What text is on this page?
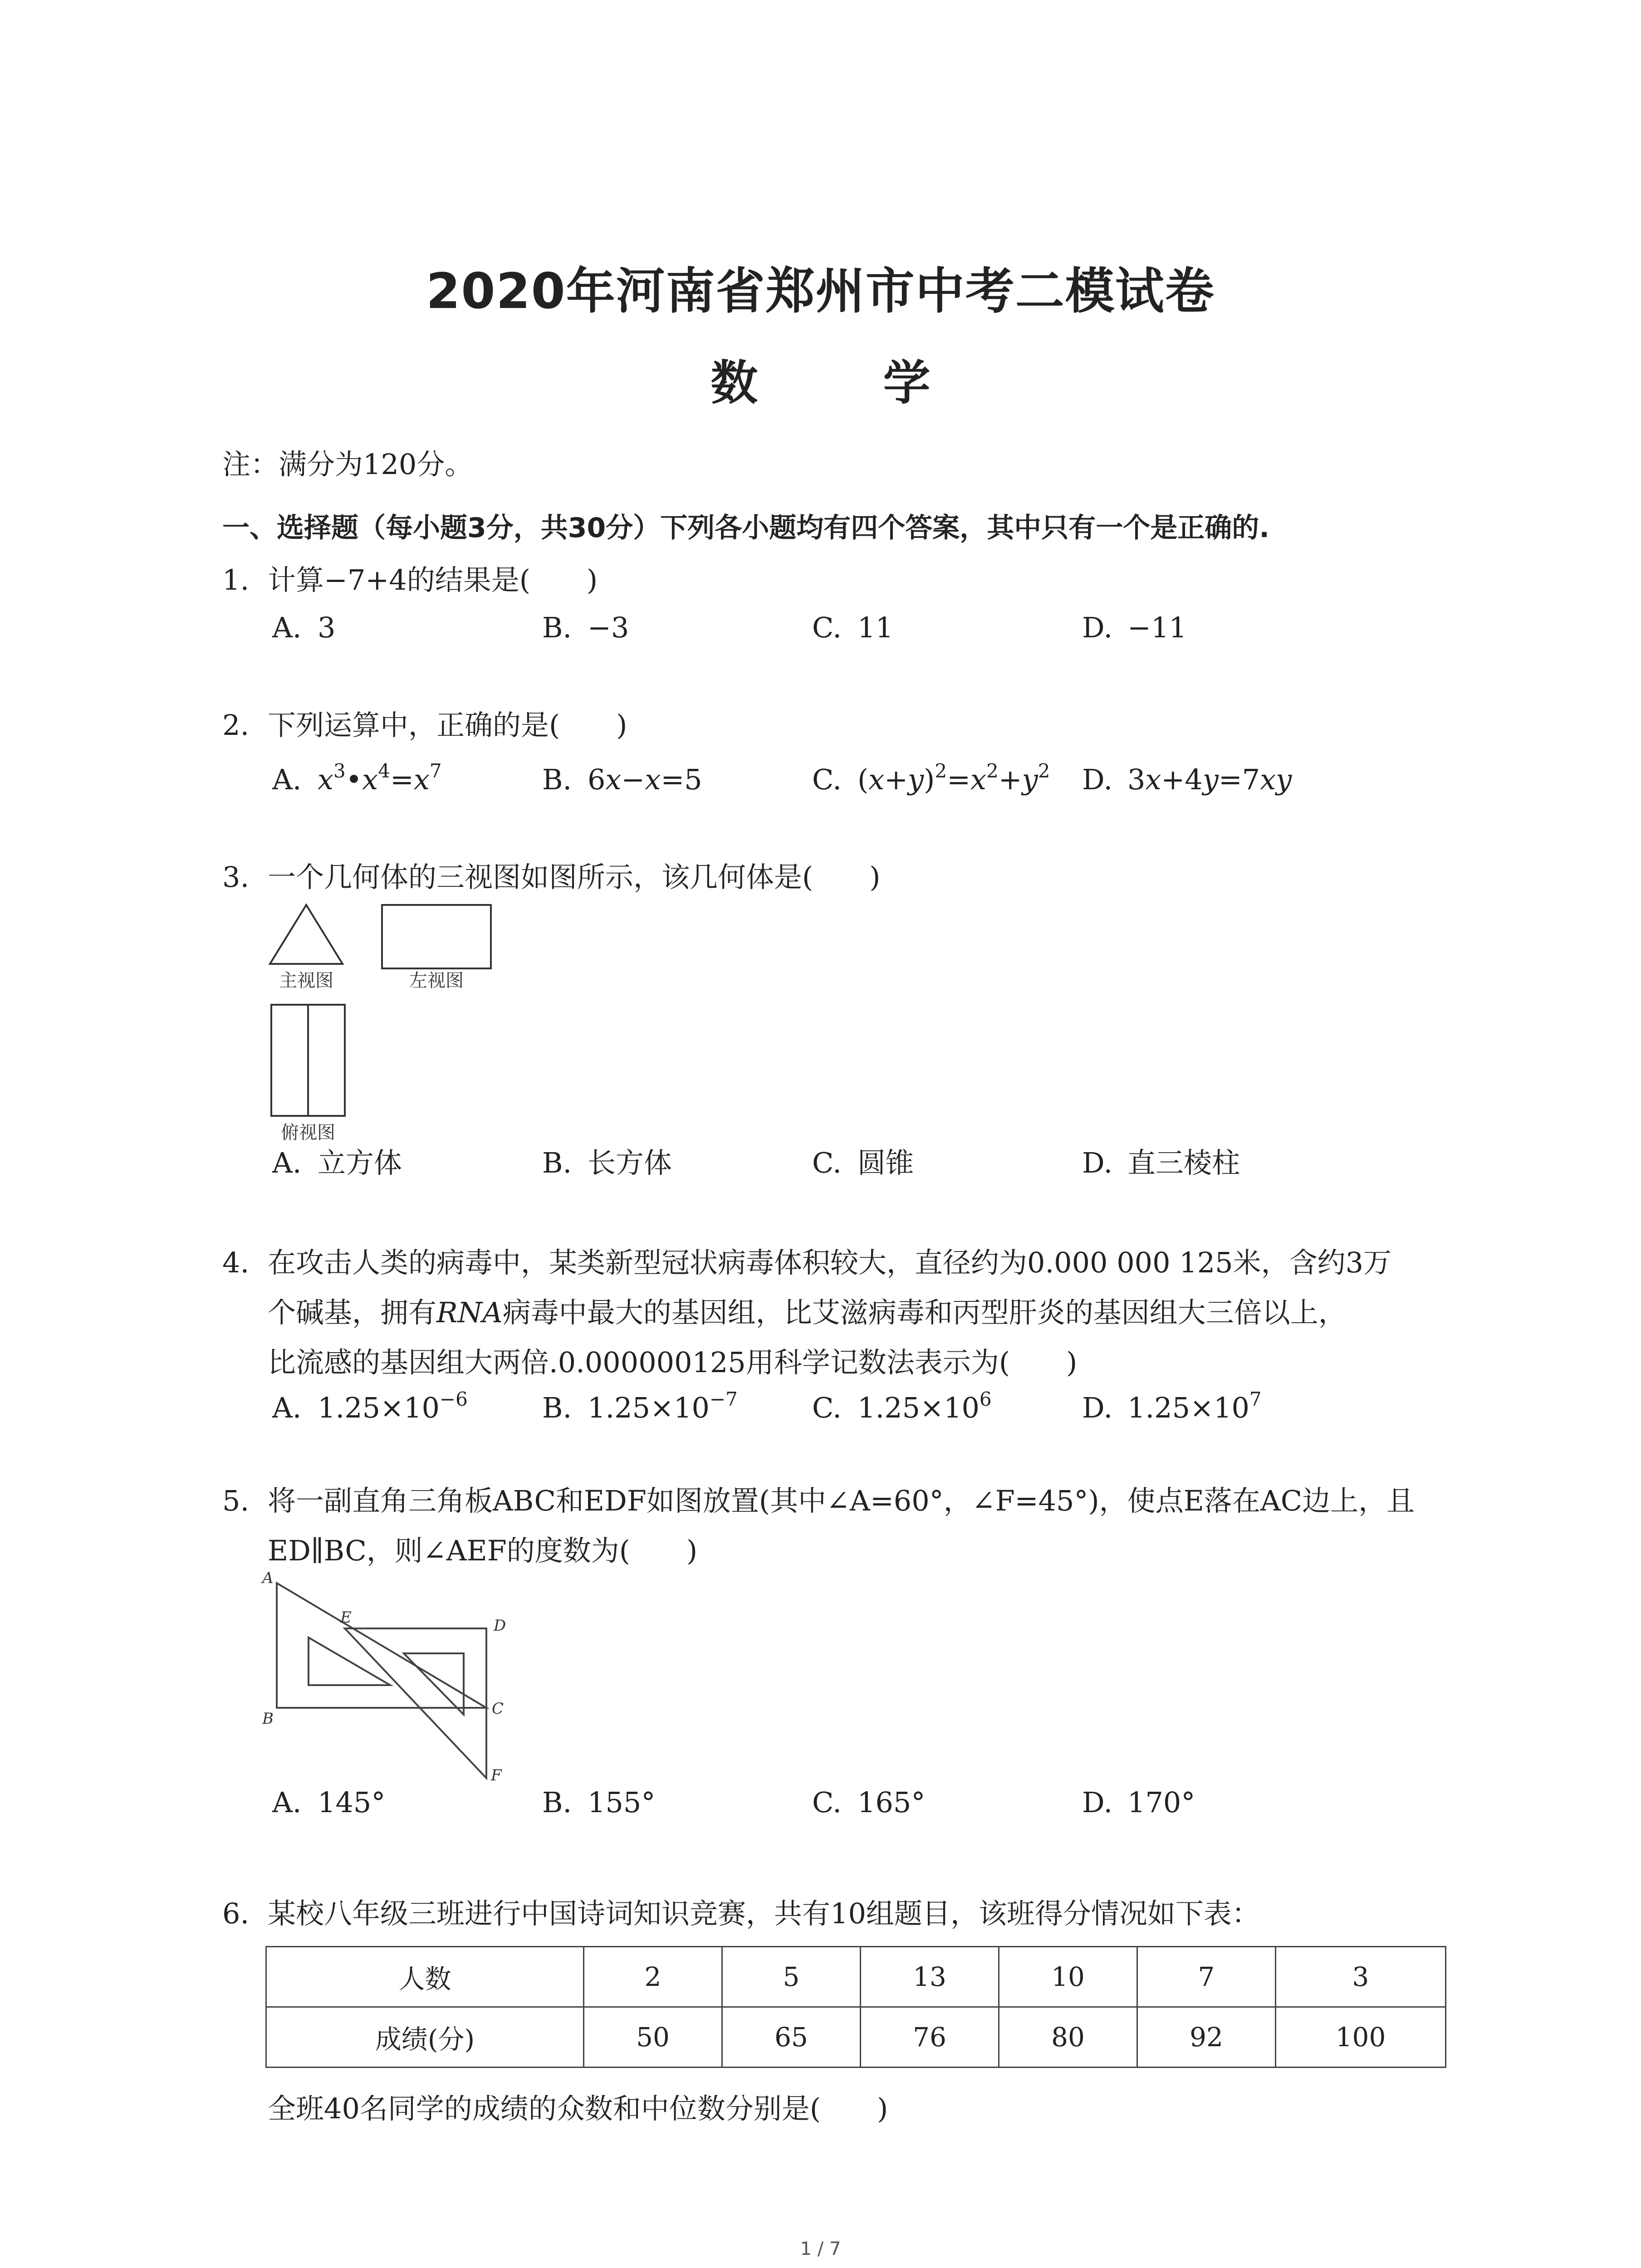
2020年河南省郑州市中考二模试卷
数 学
注：满分为120分。
一、选择题（每小题3分，共30分）下列各小题均有四个答案，其中只有一个是正确的.
1. 计算−7+4的结果是(　　)
A. 3	B. −3	C. 11	D. −11
2. 下列运算中，正确的是(　　)
A. $x^3•x^4=x^7$	B. 6x−x=5	C. $(x+y)^2=x^2+y^2$ D. 3x+4y=7xy
3. 一个几何体的三视图如图所示，该几何体是(　　)
主视图	左视图
俯视图
A. 立方体	B. 长方体	C. 圆锥	D. 直三棱柱
4. 在攻击人类的病毒中，某类新型冠状病毒体积较大，直径约为0.000 000 125米，含约3万
个碱基，拥有RNA病毒中最大的基因组，比艾滋病毒和丙型肝炎的基因组大三倍以上，
比流感的基因组大两倍.0.000000125用科学记数法表示为(　　)
A. $1.25\times 10^{-6}$	B. $1.25\times 10^{-7}$	C. $1.25\times 10^6$	D. $1.25\times 10^7$
5. 将一副直角三角板ABC和EDF如图放置(其中∠A=60°，∠F=45°)，使点E落在AC边上，且
ED∥BC，则∠AEF的度数为(　　)
A
B
C
D
E
F
A. 145°	B. 155°	C. 165°	D. 170°
6. 某校八年级三班进行中国诗词知识竞赛，共有10组题目，该班得分情况如下表：
人数	2	5	13	10	7	3
成绩(分)	50	65	76	80	92	100
全班40名同学的成绩的众数和中位数分别是(　　)
1 / 7
